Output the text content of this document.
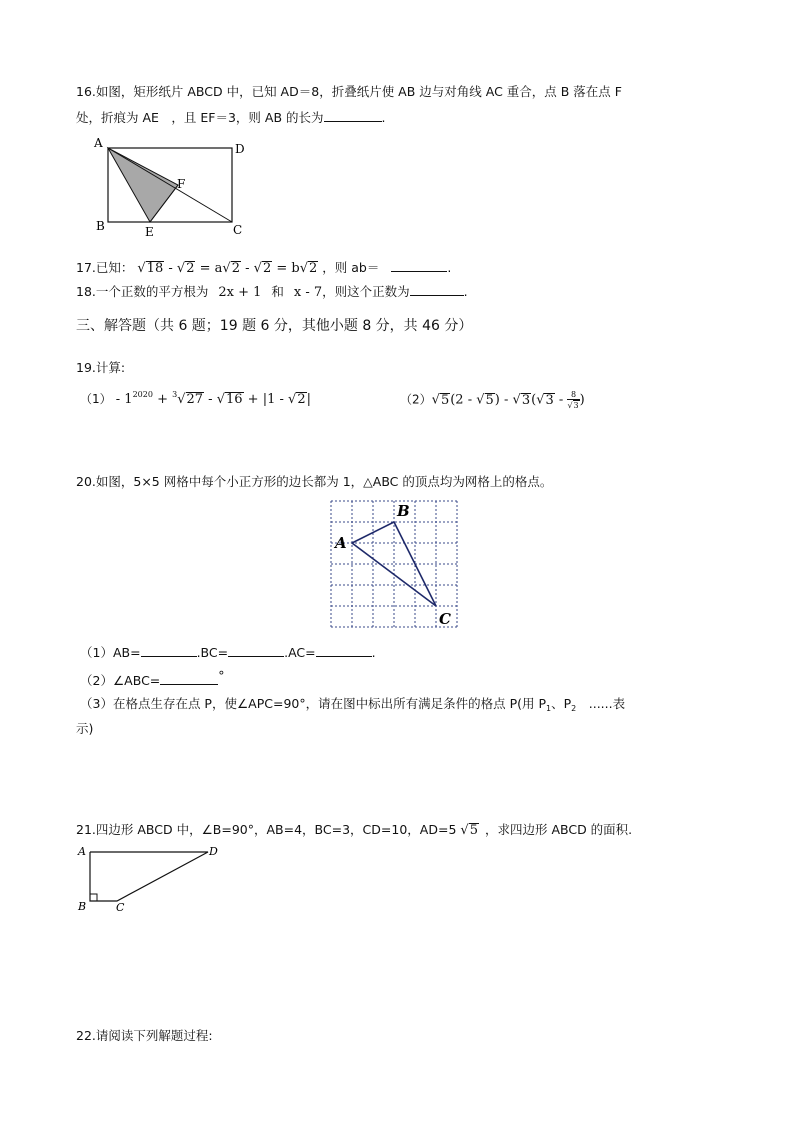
16.如图，矩形纸片 ABCD 中，已知 AD＝8，折叠纸片使 AB 边与对角线 AC 重合，点 B 落在点 F
处，折痕为 AE　，且 EF＝3，则 AB 的长为	.
A	D
F
B	E	C
17.已知： √18 - √2 = a√2 - √2 = b√2 ，则 ab＝	.
18.一个正数的平方根为 2x + 1 和 x - 7，则这个正数为	.
三、解答题（共 6 题；19 题 6 分，其他小题 8 分，共 46 分）
19.计算:
$(1) - 1^{2020} + ^3√27 - √16 + |1 - √2|$	$(2)√5(2 - √5) - √3(√3 - \frac{8}{√3}$ )
20.如图，5×5 网格中每个小正方形的边长都为 1，△ABC 的顶点均为网格上的格点。
A
B
C
（1）AB=	.BC=	.AC=	.
（2）∠ABC=	°
（3）在格点生存在点 P，使∠APC=90°，请在图中标出所有满足条件的格点 P(用 $P_1$、$P_2$　......表
示)
21.四边形 ABCD 中，∠B=90°，AB=4，BC=3，CD=10，AD=5 √5 ，求四边形 ABCD 的面积.
A	D
B	C
22.请阅读下列解题过程:
